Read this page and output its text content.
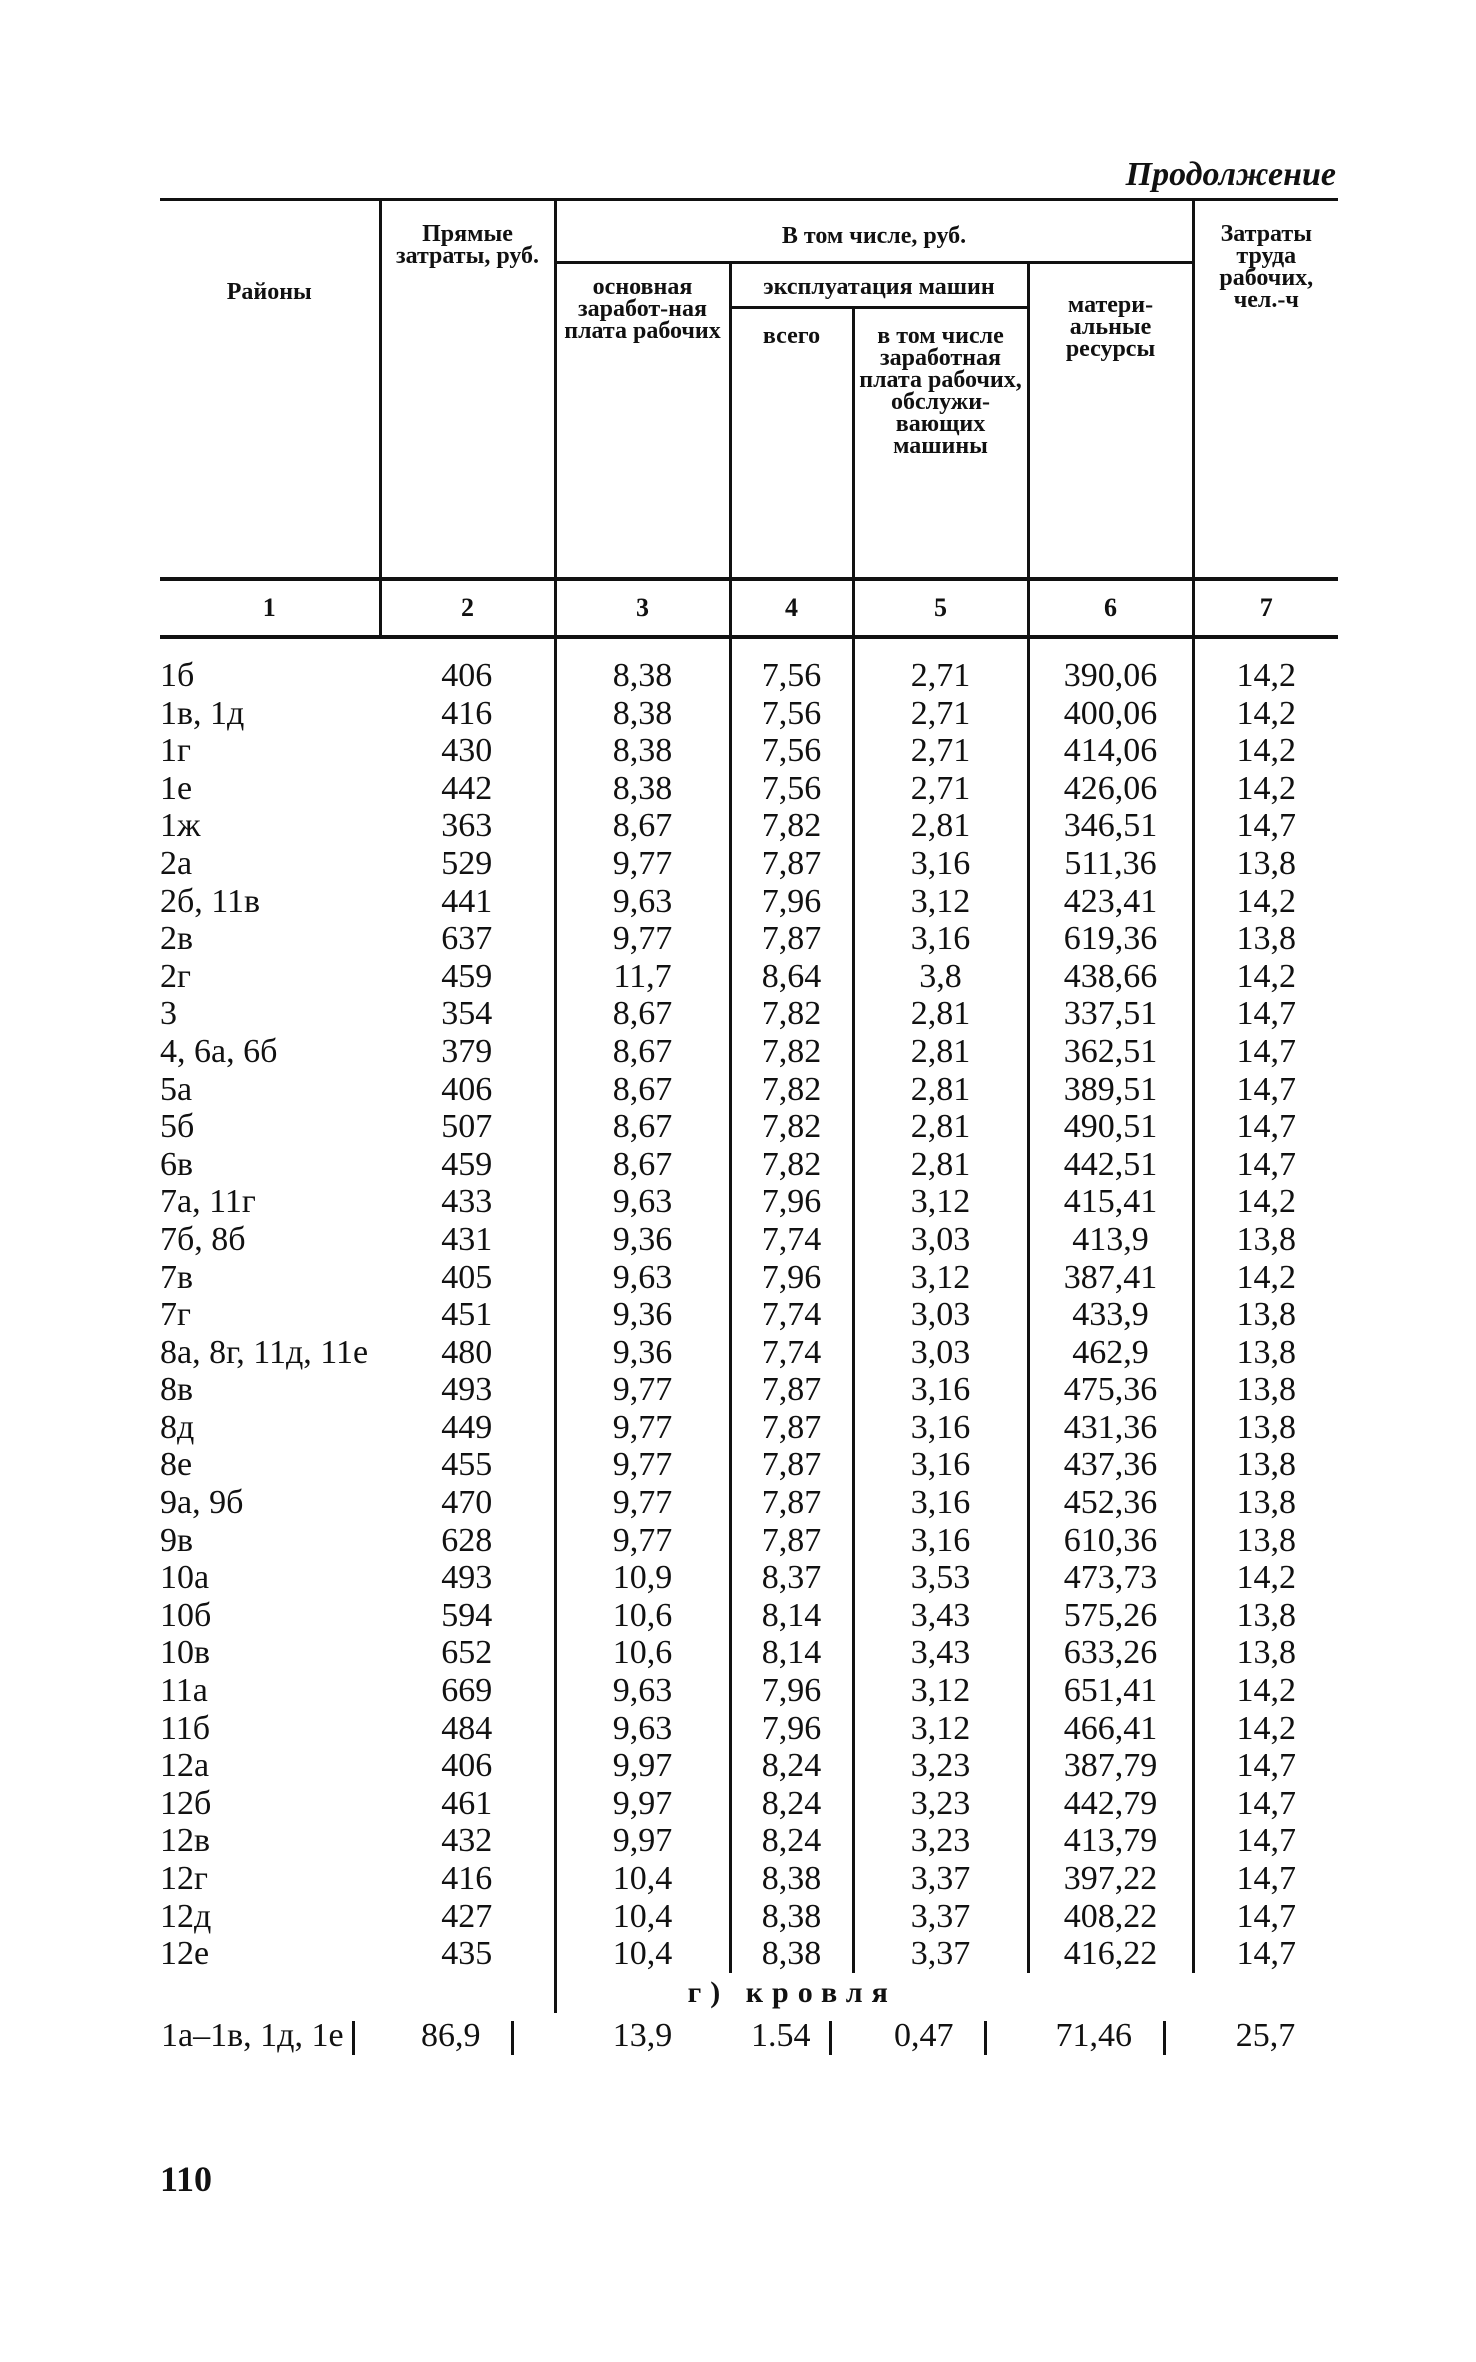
Продолжение
Районы	Прямые затраты, руб.	В том числе, руб.				Затраты труда рабочих, чел.-ч
		основная заработ-ная плата рабочих	эксплуатация машин		матери-альные ресурсы	
			всего	в том числе заработная плата рабочих, обслужи-вающих машины		
1	2	3	4	5	6	7
1б	406	8,38	7,56	2,71	390,06	14,2
1в, 1д	416	8,38	7,56	2,71	400,06	14,2
1г	430	8,38	7,56	2,71	414,06	14,2
1е	442	8,38	7,56	2,71	426,06	14,2
1ж	363	8,67	7,82	2,81	346,51	14,7
2а	529	9,77	7,87	3,16	511,36	13,8
2б, 11в	441	9,63	7,96	3,12	423,41	14,2
2в	637	9,77	7,87	3,16	619,36	13,8
2г	459	11,7	8,64	3,8	438,66	14,2
3	354	8,67	7,82	2,81	337,51	14,7
4, 6а, 6б	379	8,67	7,82	2,81	362,51	14,7
5а	406	8,67	7,82	2,81	389,51	14,7
5б	507	8,67	7,82	2,81	490,51	14,7
6в	459	8,67	7,82	2,81	442,51	14,7
7а, 11г	433	9,63	7,96	3,12	415,41	14,2
7б, 8б	431	9,36	7,74	3,03	413,9	13,8
7в	405	9,63	7,96	3,12	387,41	14,2
7г	451	9,36	7,74	3,03	433,9	13,8
8а, 8г, 11д, 11е	480	9,36	7,74	3,03	462,9	13,8
8в	493	9,77	7,87	3,16	475,36	13,8
8д	449	9,77	7,87	3,16	431,36	13,8
8е	455	9,77	7,87	3,16	437,36	13,8
9а, 9б	470	9,77	7,87	3,16	452,36	13,8
9в	628	9,77	7,87	3,16	610,36	13,8
10а	493	10,9	8,37	3,53	473,73	14,2
10б	594	10,6	8,14	3,43	575,26	13,8
10в	652	10,6	8,14	3,43	633,26	13,8
11а	669	9,63	7,96	3,12	651,41	14,2
11б	484	9,63	7,96	3,12	466,41	14,2
12а	406	9,97	8,24	3,23	387,79	14,7
12б	461	9,97	8,24	3,23	442,79	14,7
12в	432	9,97	8,24	3,23	413,79	14,7
12г	416	10,4	8,38	3,37	397,22	14,7
12д	427	10,4	8,38	3,37	408,22	14,7
12е	435	10,4	8,38	3,37	416,22	14,7
		г) кровля				
1а–1в, 1д, 1е	86,9	13,9	1.54	0,47	71,46	25,7
110
